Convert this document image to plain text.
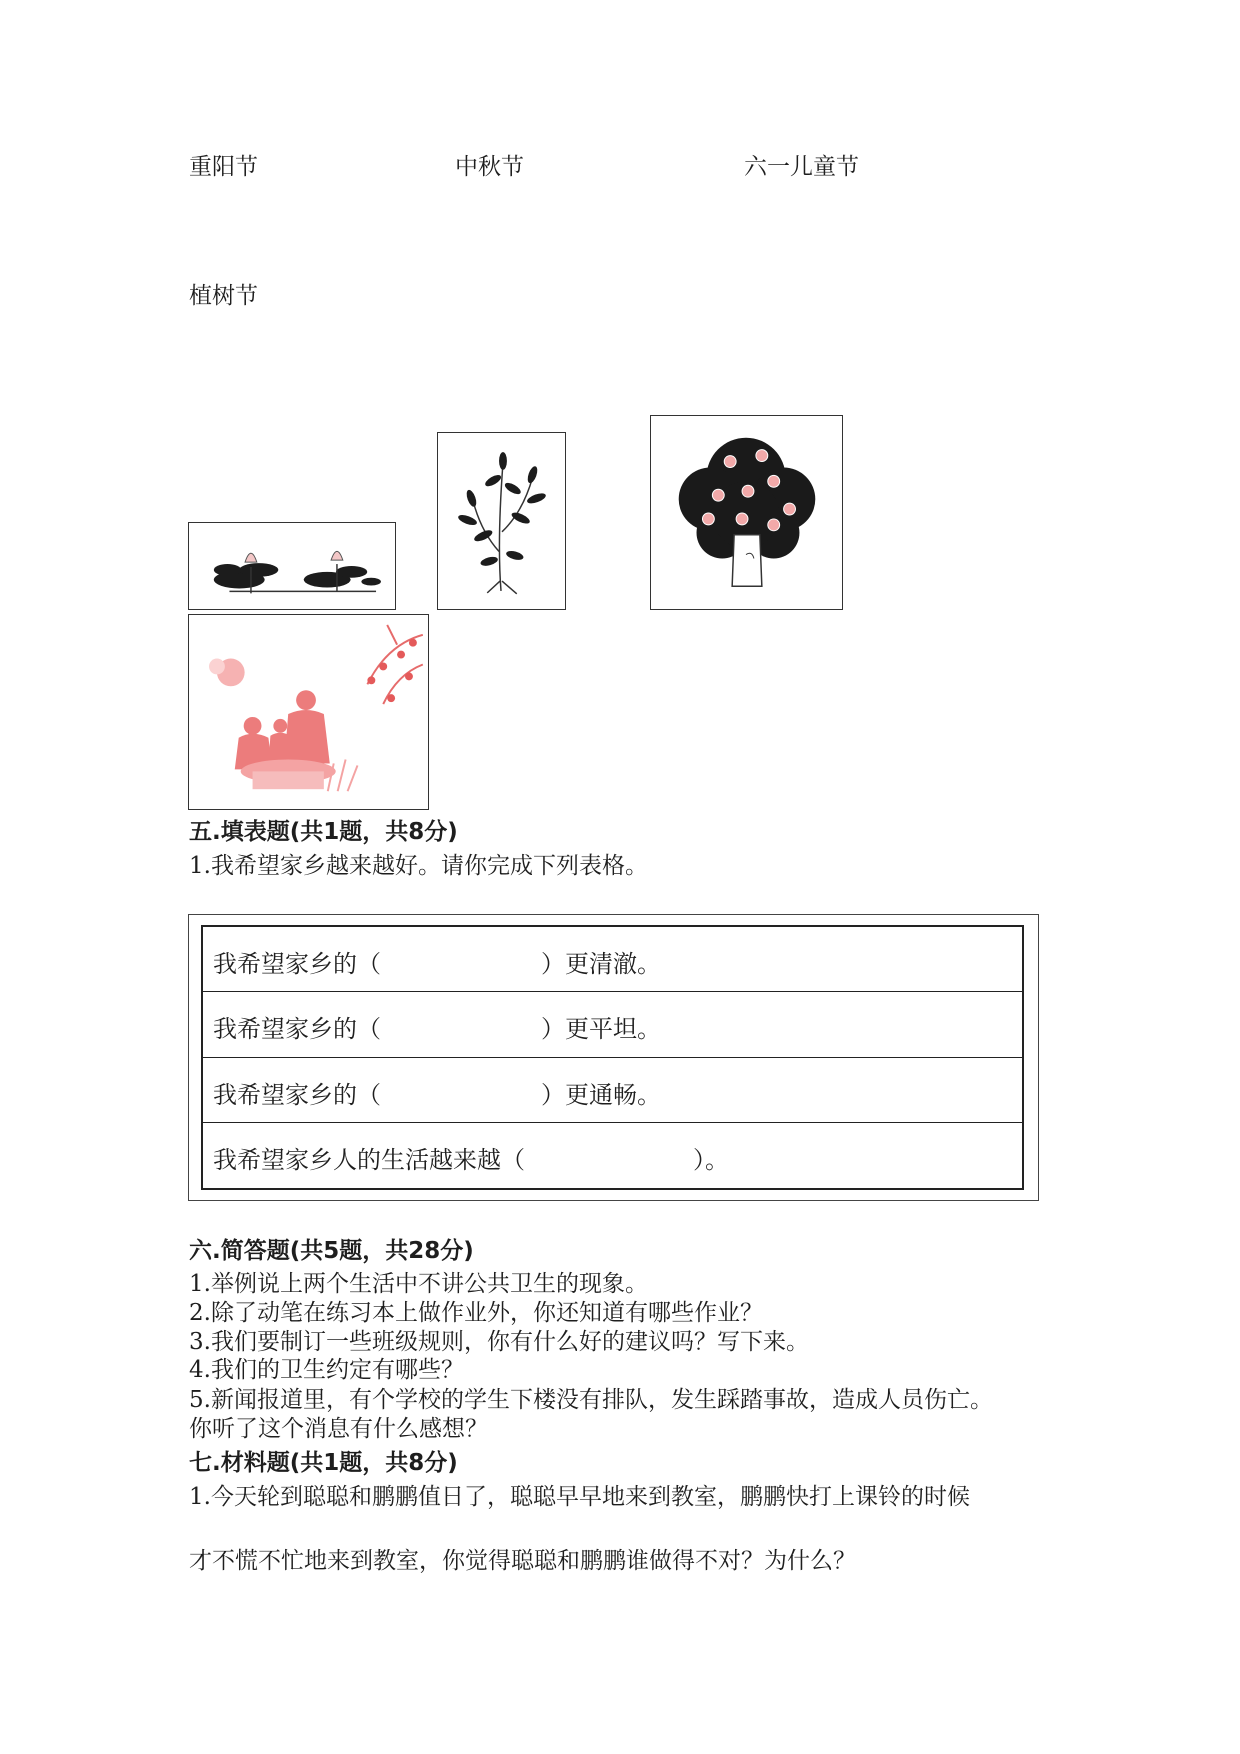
重阳节	中秋节	六一儿童节
植树节
五.填表题(共1题，共8分)
1.我希望家乡越来越好。请你完成下列表格。
我希望家乡的（	）更清澈。
我希望家乡的（	）更平坦。
我希望家乡的（	）更通畅。
我希望家乡人的生活越来越（	）。
六.简答题(共5题，共28分)
1.举例说上两个生活中不讲公共卫生的现象。
2.除了动笔在练习本上做作业外，你还知道有哪些作业？
3.我们要制订一些班级规则，你有什么好的建议吗？写下来。
4.我们的卫生约定有哪些？
5.新闻报道里，有个学校的学生下楼没有排队，发生踩踏事故，造成人员伤亡。
你听了这个消息有什么感想？
七.材料题(共1题，共8分)
1.今天轮到聪聪和鹏鹏值日了，聪聪早早地来到教室，鹏鹏快打上课铃的时候
才不慌不忙地来到教室，你觉得聪聪和鹏鹏谁做得不对？为什么？
